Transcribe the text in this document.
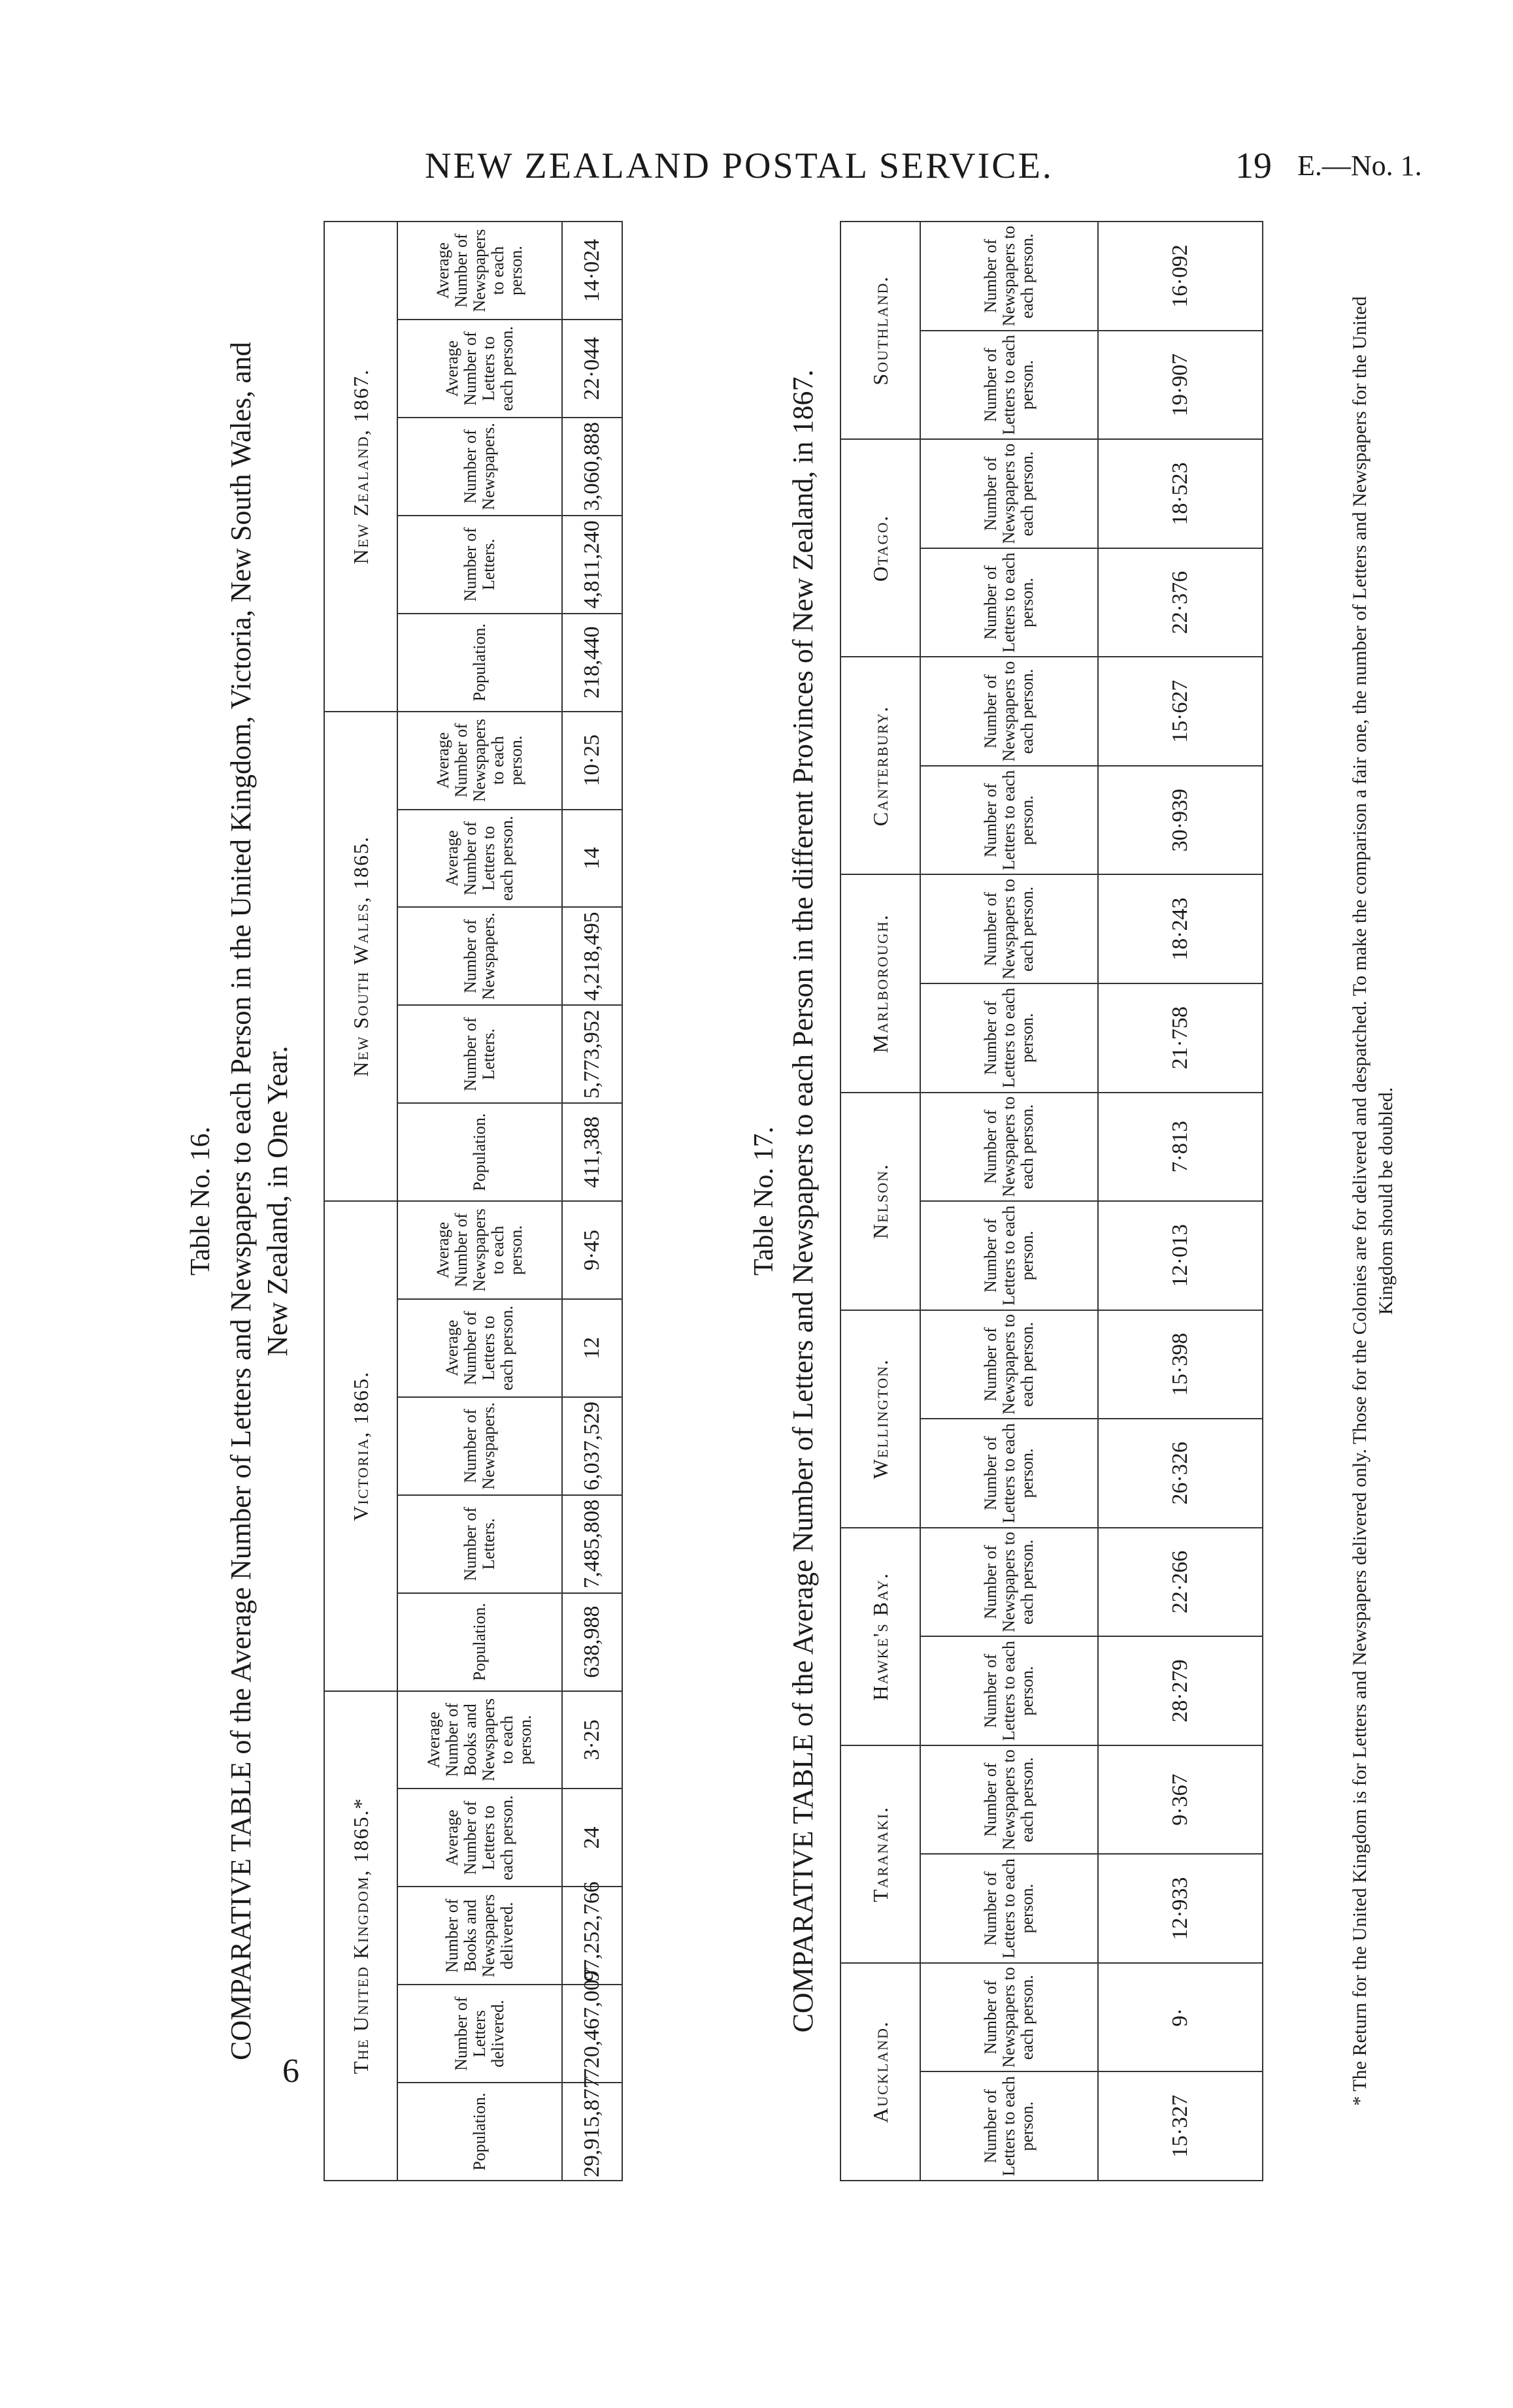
NEW ZEALAND POSTAL SERVICE.	19 E.—No. 1.
Table No. 16. COMPARATIVE TABLE of the Average Number of Letters and Newspapers to each Person in the United Kingdom, Victoria, New South Wales, and New Zealand, in One Year.
The United Kingdom, 1865.*					Victoria, 1865.					New South Wales, 1865.					New Zealand, 1867.				
Population.	Number of Letters delivered.	Number of Books and Newspapers delivered.	Average Number of Letters to each person.	Average Number of Books and Newspapers to each person.	Population.	Number of Letters.	Number of Newspapers.	Average Number of Letters to each person.	Average Number of Newspapers to each person.	Population.	Number of Letters.	Number of Newspapers.	Average Number of Letters to each person.	Average Number of Newspapers to each person.	Population.	Number of Letters.	Number of Newspapers.	Average Number of Letters to each person.	Average Number of Newspapers to each person.
29,915,877	720,467,007	97,252,766	24	3·25	638,988	7,485,808	6,037,529	12	9·45	411,388	5,773,952	4,218,495	14	10·25	218,440	4,811,240	3,060,888	22·044	14·024
Table No. 17. COMPARATIVE TABLE of the Average Number of Letters and Newspapers to each Person in the different Provinces of New Zealand, in 1867.
Auckland.		Taranaki.		Hawke's Bay.		Wellington.		Nelson.		Marlborough.		Canterbury.		Otago.		Southland.	
Number of Letters to each person.	Number of Newspapers to each person.	Number of Letters to each person.	Number of Newspapers to each person.	Number of Letters to each person.	Number of Newspapers to each person.	Number of Letters to each person.	Number of Newspapers to each person.	Number of Letters to each person.	Number of Newspapers to each person.	Number of Letters to each person.	Number of Newspapers to each person.	Number of Letters to each person.	Number of Newspapers to each person.	Number of Letters to each person.	Number of Newspapers to each person.	Number of Letters to each person.	Number of Newspapers to each person.
15·327	9·	12·933	9·367	28·279	22·266	26·326	15·398	12·013	7·813	21·758	18·243	30·939	15·627	22·376	18·523	19·907	16·092
* The Return for the United Kingdom is for Letters and Newspapers delivered only. Those for the Colonies are for delivered and despatched. To make the comparison a fair one, the number of Letters and Newspapers for the United Kingdom should be doubled.
6
